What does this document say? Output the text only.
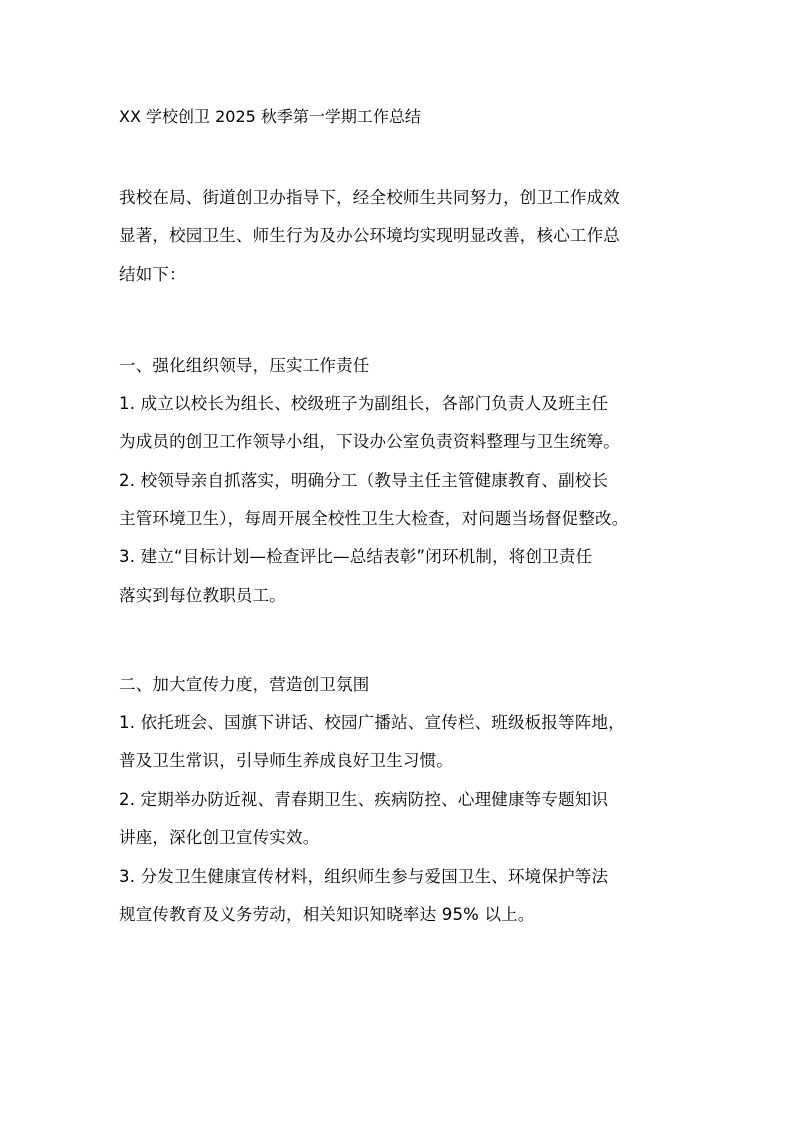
XX 学校创卫 2025 秋季第一学期工作总结
我校在局、街道创卫办指导下，经全校师生共同努力，创卫工作成效
显著，校园卫生、师生行为及办公环境均实现明显改善，核心工作总
结如下：
一、强化组织领导，压实工作责任
1. 成立以校长为组长、校级班子为副组长，各部门负责人及班主任
为成员的创卫工作领导小组，下设办公室负责资料整理与卫生统筹。
2. 校领导亲自抓落实，明确分工（教导主任主管健康教育、副校长
主管环境卫生），每周开展全校性卫生大检查，对问题当场督促整改。
3. 建立“目标计划—检查评比—总结表彰”闭环机制，将创卫责任
落实到每位教职员工。
二、加大宣传力度，营造创卫氛围
1. 依托班会、国旗下讲话、校园广播站、宣传栏、班级板报等阵地，
普及卫生常识，引导师生养成良好卫生习惯。
2. 定期举办防近视、青春期卫生、疾病防控、心理健康等专题知识
讲座，深化创卫宣传实效。
3. 分发卫生健康宣传材料，组织师生参与爱国卫生、环境保护等法
规宣传教育及义务劳动，相关知识知晓率达 95% 以上。
